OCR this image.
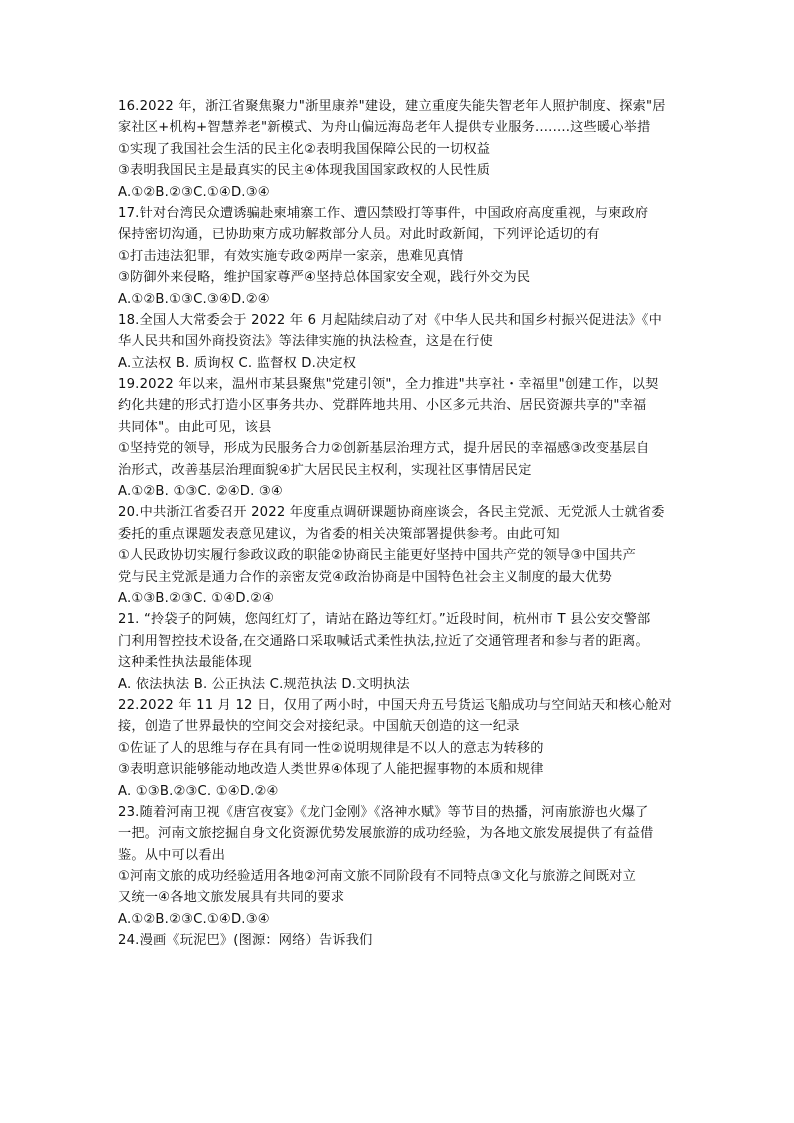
16.2022 年，浙江省聚焦聚力"浙里康养"建设，建立重度失能失智老年人照护制度、探索"居
家社区+机构+智慧养老"新模式、为舟山偏远海岛老年人提供专业服务........这些暖心举措
①实现了我国社会生活的民主化②表明我国保障公民的一切权益
③表明我国民主是最真实的民主④体现我国国家政权的人民性质
A.①②B.②③C.①④D.③④
17.针对台湾民众遭诱骗赴柬埔寨工作、遭囚禁殴打等事件，中国政府高度重视，与柬政府
保持密切沟通，已协助柬方成功解救部分人员。对此时政新闻，下列评论适切的有
①打击违法犯罪，有效实施专政②两岸一家亲，患难见真情
③防御外来侵略，维护国家尊严④坚持总体国家安全观，践行外交为民
A.①②B.①③C.③④D.②④
18.全国人大常委会于 2022 年 6 月起陆续启动了对《中华人民共和国乡村振兴促进法》《中
华人民共和国外商投资法》等法律实施的执法检查，这是在行使
A.立法权 B. 质询权 C. 监督权 D.决定权
19.2022 年以来，温州市某县聚焦"党建引领"，全力推进"共享社・幸福里"创建工作，以契
约化共建的形式打造小区事务共办、党群阵地共用、小区多元共治、居民资源共享的"幸福
共同体"。由此可见，该县
①坚持党的领导，形成为民服务合力②创新基层治理方式，提升居民的幸福感③改变基层自
治形式，改善基层治理面貌④扩大居民民主权利，实现社区事情居民定
A.①②B. ①③C. ②④D. ③④
20.中共浙江省委召开 2022 年度重点调研课题协商座谈会，各民主党派、无党派人士就省委
委托的重点课题发表意见建议，为省委的相关决策部署提供参考。由此可知
①人民政协切实履行参政议政的职能②协商民主能更好坚持中国共产党的领导③中国共产
党与民主党派是通力合作的亲密友党④政治协商是中国特色社会主义制度的最大优势
A.①③B.②③C. ①④D.②④
21. “拎袋子的阿姨，您闯红灯了，请站在路边等红灯。”近段时间，杭州市 T 县公安交警部
门利用智控技术设备,在交通路口采取喊话式柔性执法,拉近了交通管理者和参与者的距离。
这种柔性执法最能体现
A. 依法执法 B. 公正执法 C.规范执法 D.文明执法
22.2022 年 11 月 12 日，仅用了两小时，中国天舟五号货运飞船成功与空间站天和核心舱对
接，创造了世界最快的空间交会对接纪录。中国航天创造的这一纪录
①佐证了人的思维与存在具有同一性②说明规律是不以人的意志为转移的
③表明意识能够能动地改造人类世界④体现了人能把握事物的本质和规律
A. ①③B.②③C. ①④D.②④
23.随着河南卫视《唐宫夜宴》《龙门金刚》《洛神水赋》等节目的热播，河南旅游也火爆了
一把。河南文旅挖掘自身文化资源优势发展旅游的成功经验，为各地文旅发展提供了有益借
鉴。从中可以看出
①河南文旅的成功经验适用各地②河南文旅不同阶段有不同特点③文化与旅游之间既对立
又统一④各地文旅发展具有共同的要求
A.①②B.②③C.①④D.③④
24.漫画《玩泥巴》(图源：网络）告诉我们
